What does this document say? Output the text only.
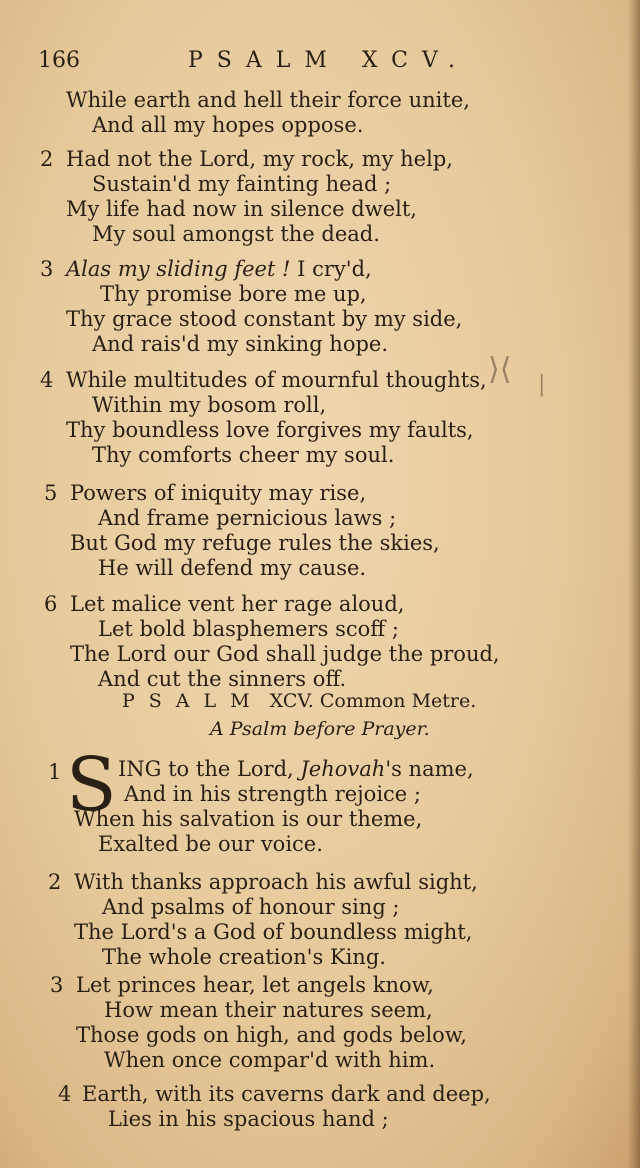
166	PSALM XCV.
While earth and hell their force unite,
And all my hopes oppose.
2 Had not the Lord, my rock, my help,
Sustain'd my fainting head ;
My life had now in silence dwelt,
My soul amongst the dead.
3 Alas my sliding feet ! I cry'd,
Thy promise bore me up,
Thy grace stood constant by my side,
And rais'd my sinking hope.
4 While multitudes of mournful thoughts,
Within my bosom roll,
Thy boundless love forgives my faults,
Thy comforts cheer my soul.
5 Powers of iniquity may rise,
And frame pernicious laws ;
But God my refuge rules the skies,
He will defend my cause.
6 Let malice vent her rage aloud,
Let bold blasphemers scoff ;
The Lord our God shall judge the proud,
And cut the sinners off.
PSALM XCV. Common Metre.
A Psalm before Prayer.
1 S ING to the Lord, Jehovah's name,
And in his strength rejoice ;
When his salvation is our theme,
Exalted be our voice.
2 With thanks approach his awful sight,
And psalms of honour sing ;
The Lord's a God of boundless might,
The whole creation's King.
3 Let princes hear, let angels know,
How mean their natures seem,
Those gods on high, and gods below,
When once compar'd with him.
4 Earth, with its caverns dark and deep,
Lies in his spacious hand ;
⟩⟨ |
